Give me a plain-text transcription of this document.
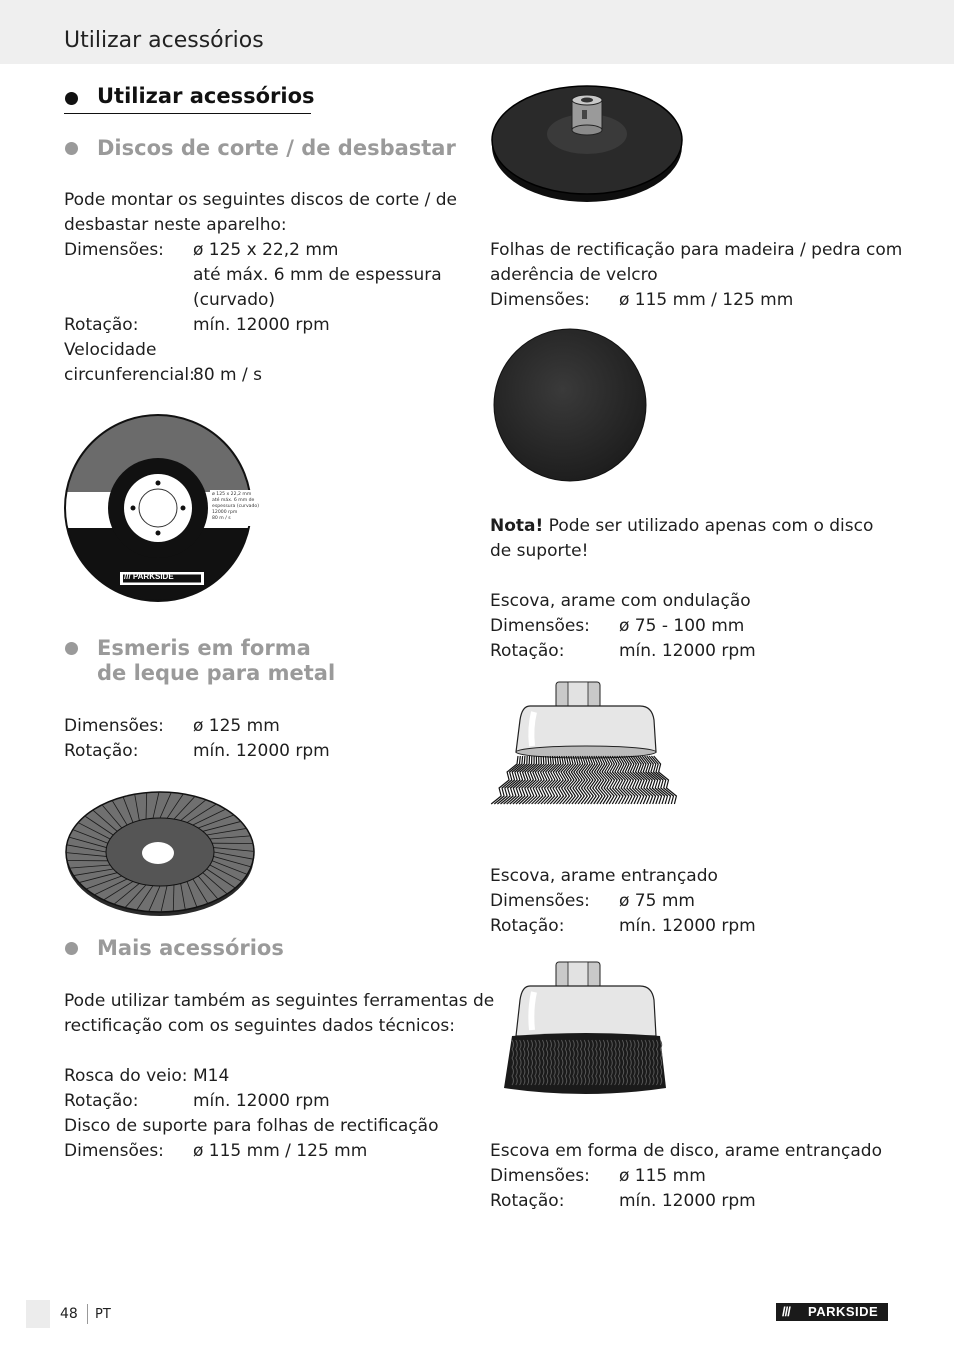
Utilizar acessórios
Utilizar acessórios
Discos de corte / de desbastar
Pode montar os seguintes discos de corte / de
desbastar neste aparelho:
Dimensões: ø 125 x 22,2 mm
até máx. 6 mm de espessura
(curvado)
Rotação:	mín. 12000 rpm
Velocidade
circunferencial:
80 m / s
ø 125 x 22,2 mm
até máx. 6 mm de
espessura (curvado)
12000 rpm
80 m / s
/// PARKSIDE
Esmeris em forma
de leque para metal
Dimensões: ø 125 mm
Rotação:	mín. 12000 rpm
Mais acessórios
Pode utilizar também as seguintes ferramentas de
rectificação com os seguintes dados técnicos:
Rosca do veio: M14
Rotação:	mín. 12000 rpm
Disco de suporte para folhas de rectificação
Dimensões: ø 115 mm / 125 mm
Folhas de rectificação para madeira / pedra com
aderência de velcro
Dimensões: ø 115 mm / 125 mm
Nota! Pode ser utilizado apenas com o disco
de suporte!
Escova, arame com ondulação
Dimensões: ø 75 - 100 mm
Rotação:	mín. 12000 rpm
Escova, arame entrançado
Dimensões: ø 75 mm
Rotação:	mín. 12000 rpm
Escova em forma de disco, arame entrançado
Dimensões: ø 115 mm
Rotação:	mín. 12000 rpm
48 PT	/// PARKSIDE
